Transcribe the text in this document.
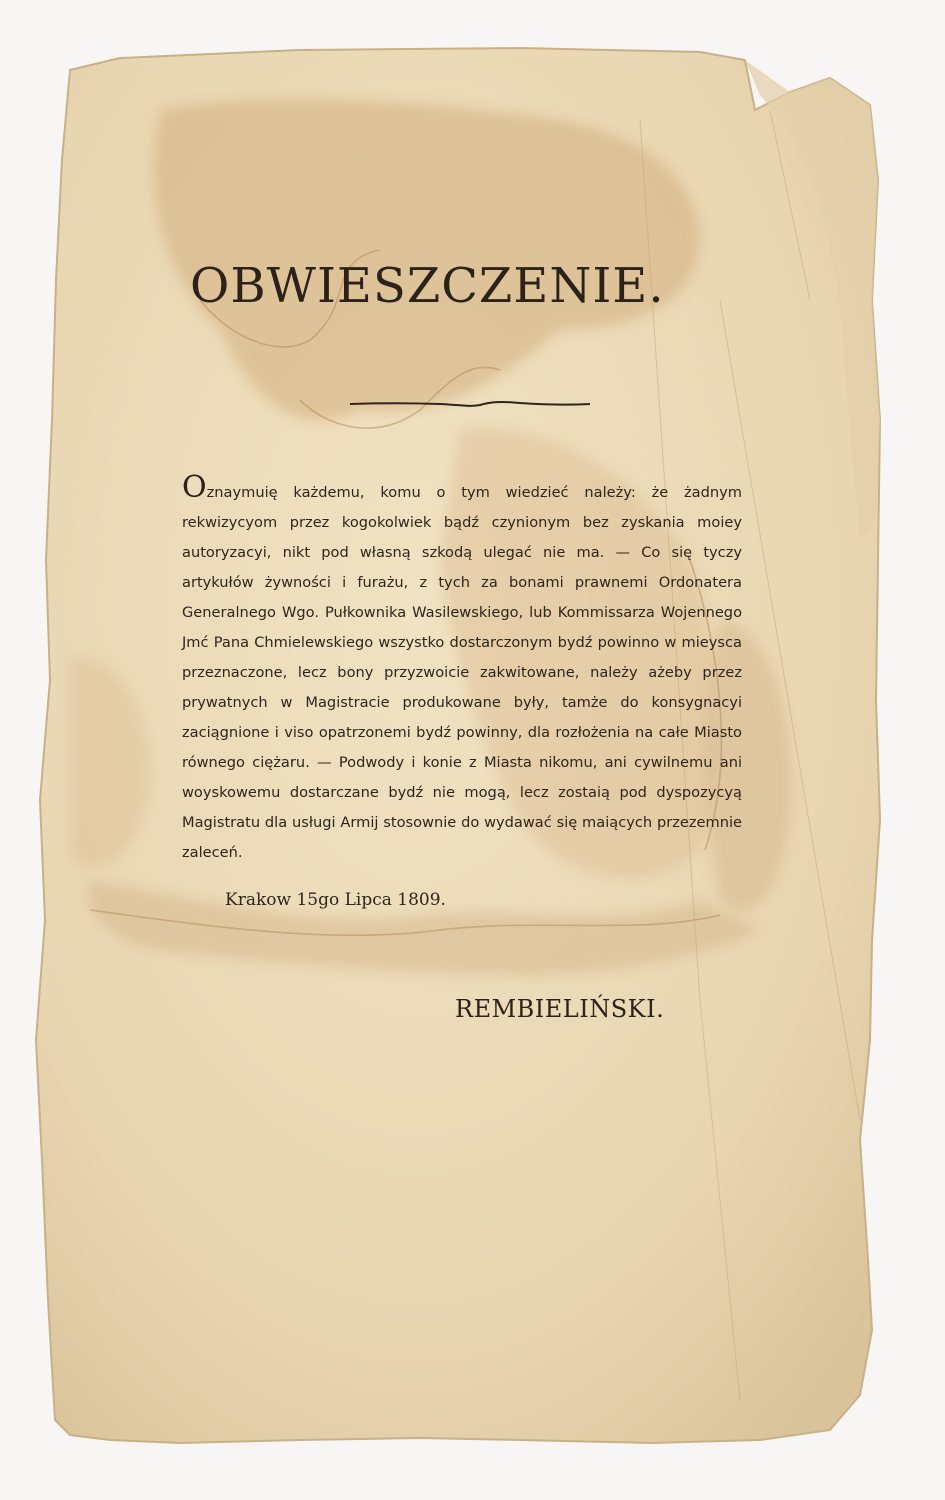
OBWIESZCZENIE.
Oznaymuię każdemu, komu o tym wiedzieć należy: że żadnym rekwizycyom przez kogokolwiek bądź czynionym bez zyskania moiey autoryzacyi, nikt pod własną szkodą ulegać nie ma. — Co się tyczy artykułów żywności i furażu, z tych za bonami prawnemi Ordonatera Generalnego Wgo. Pułkownika Wasilewskiego, lub Kommissarza Wojennego Jmć Pana Chmielewskiego wszystko dostarczonym bydź powinno w mieysca przeznaczone, lecz bony przyzwoicie zakwitowane, należy ażeby przez prywatnych w Magistracie produkowane były, tamże do konsygnacyi zaciągnione i viso opatrzonemi bydź powinny, dla rozłożenia na całe Miasto równego ciężaru. — Podwody i konie z Miasta nikomu, ani cywilnemu ani woyskowemu dostarczane bydź nie mogą, lecz zostaią pod dyspozycyą Magistratu dla usługi Armij stosownie do wydawać się maiących przezemnie zaleceń.
Krakow 15go Lipca 1809.
REMBIELIŃSKI.
